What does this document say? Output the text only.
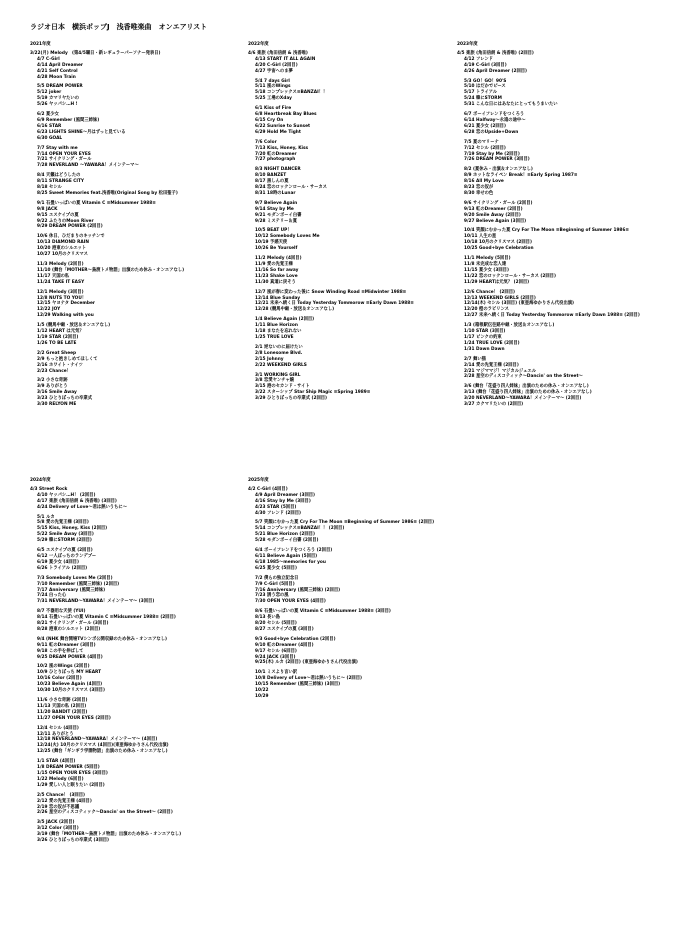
ラジオ日本　横浜ポップJ　浅香唯楽曲　オンエアリスト
2021年度
3/22(月) Melody　(第4/5曜日・新レギュラーパーソナー発表日)
4/7 C-Girl
4/14 April Dreamer
4/21 Self Control
4/28 Moon Train
5/5 DREAM POWER
5/12 joker
5/19 カマリヤたいの
5/26 ヤッパシ…H !
6/2 夏少女
6/9 Remember (風間三姉妹)
6/16 STAR
6/23 LIGHTS SHINE～月はずっと見ている
6/30 GOAL
7/7 Stay with me
7/14 OPEN YOUR EYES
7/21 サイクリング・ガール
7/28 NEVERLAND ～YAWARA！メインテーマ～
8/4 天籟はどうしたの
8/11 STRANGE CITY
8/18 セシル
8/25 Sweet Memories feat.浅香唯(Original Song by 松田聖子)
9/1 石畳いっぱいの夏 Vitamin C ≡Midsummer 1988≡
9/8 JACK
9/15 エスケイプの夏
9/22 ふたりのMoon River
9/29 DREAM POWER (2回目)
10/6 休日、ひだまりのキッチンで
10/13 DIAMOND RAIN
10/20 港東のシルエット
10/27 10月のクリスマス
11/3 Melody (2回目)
11/10 (舞台「MOTHER～鳥渡トメ物語」出演のため休み・オンエアなし)
11/17 天国の私
11/24 TAKE IT EASY
12/1 Melody (3回目)
12/8 NUTS TO YOU！
12/15 ヤヨナタ December
12/22 JOY
12/29 Walking with you
1/5 (競馬中継・放送＆オンエアなし)
1/12 HEART は元気？
1/19 STAR (2回目)
1/26 TO BE LATE
2/2 Great Sheep
2/9 もっと抱きしめてほしくて
2/16 ホワイト・ナイツ
2/23 Chance！
3/2 小さな奇跡
3/9 ありがとう
3/16 Smile Away
3/23 ひとりぼっちの卒業式
3/30 RELYON ME
2022年度
4/6 楽旅 (角田信朗 & 浅香唯)
4/13 START IT ALL AGAIN
4/20 C-Girl (2回目)
4/27 宇宙へのま夢
5/4 7 days Girl
5/11 風のWings
5/18 コンプレックス≡BANZAI！！
5/25 工場のXday
6/1 Kiss of Fire
6/8 Heartbreak Bay Blues
6/15 Cry On
6/22 Sunrise to Sunset
6/29 Hold Me Tight
7/6 Color
7/13 Kiss, Honey, Kiss
7/20 虹のDreamer
7/27 photograph
8/3 NIGHT DANCER
8/10 BANZET
8/17 黒しんの夏
8/24 恋のロックンロール・サーカス
8/31 18時のLunar
9/7 Believe Again
9/14 Stay by Me
9/21 モダンボーイ白書
9/28 ミステリー＆夏
10/5 BEAT UP！
10/12 Somebody Loves Me
10/19 予感天使
10/26 Be Yourself
11/2 Melody (4回目)
11/9 愛の先覚王様
11/16 So far away
11/23 Shake Love
11/30 真道に戻そう
12/7 風が春に変わった後に Snow Winding Road ≡Midwinter 1988≡
12/14 Blue Sunday
12/21 未来へ続く日 Today Yesterday Tommorow ≡Early Dawn 1988≡
12/28 (競馬中継・放送＆オンエアなし)
1/4 Believe Again (2回目)
1/11 Blue Horizon
1/18 まなたを忘れない
1/25 TRUE LOVE
2/1 逆ないのに届けたい
2/8 Lonesome Blvd.
2/15 Johnny
2/22 WEEKEND GIRLS
3/1 WORKING GIRL
3/8 恋愛ヤンチャ嬢
3/15 港のセカンド・サイト
3/22 スターシップ Star Ship Magic ≡Spring 1989≡
3/29 ひとりぼっちの卒業式 (2回目)
2023年度
4/5 楽旅 (角田信朗 & 浅香唯) (2回目)
4/12 フレンド
4/19 C-Girl (3回目)
4/26 April Dreamer (2回目)
5/3 GO！GO！90'S
5/10 はだかでピース
5/17 トライアル
5/24 韓にSTORM
5/31 こんな日にはあなたにとってもうまいたい
6/7 ボーイフレンドをつくろう
6/14 Halfway～永遠の途中～
6/21 夏少女 (2回目)
6/28 恋のUpside+Down
7/5 夏のマリーナ
7/12 セシル (2回目)
7/19 Stay by Me (2回目)
7/26 DREAM POWER (3回目)
8/2 (夏休み・出演＆オンエアなし)
8/9 ホットなライペン Break！≡Early Spring 1987≡
8/16 All My Love
8/23 恋の奴が
8/30 幸せの色
9/6 サイクリング・ガール (2回目)
9/13 虹のDreamer (2回目)
9/20 Smile Away (2回目)
9/27 Believe Again (3回目)
10/4 笑顔にむかった夏 Cry For The Moon ≡Beginning of Summer 1986≡
10/11 人生の星
10/18 10月のクリスマス (2回目)
10/25 Good+bye Celebration
11/1 Melody (5回目)
11/8 未完成な恋人達
11/15 夏少女 (3回目)
11/22 恋のロックンロール・サーカス (2回目)
11/29 HEARTは元気？ (2回目)
12/6 Chance！ (2回目)
12/13 WEEKEND GIRLS (2回目)
12/14(木) セシル (3回目) (東亜海ゆかりさん代役出演)
12/20 橙のラビリンス
12/27 未来へ続く日 Today Yesterday Tommorow ≡Early Dawn 1988≡ (2回目)
1/3 (箱根駅伝往路中継・放送＆オンエアなし)
1/10 STAR (3回目)
1/17 ピンクの約束
1/24 TRUE LOVE (2回目)
1/31 Dawn Dawn
2/7 舞い猫
2/14 愛の先覚王様 (2回目)
2/21 マジママジ！マジカルジュエル
2/28 星空のディスコティック～Dancin' on the Street～
3/6 (舞台「花盛り四人姉妹」出演のための休み・オンエアなし)
3/13 (舞台「花盛り四人姉妹」出演のための休み・オンエアなし)
3/20 NEVERLAND～YAWARA！メインテーマ～ (2回目)
3/27 カクマリたいの (2回目)
2024年度
4/3 Street Rock
4/10 ヤッパシ…H！ (2回目)
4/17 楽旅 (角田信朗 & 浅香唯) (3回目)
4/24 Delivery of Love～君は熱いうちに～
5/1 ルカ
5/8 愛の先覚王様 (3回目)
5/15 Kiss, Honey, Kiss (2回目)
5/22 Smile Away (3回目)
5/29 韓にSTORM (2回目)
6/5 エスケイプの夏 (2回目)
6/12 一人ぼっちのランデブー
6/19 夏少女 (4回目)
6/26 トライアル (2回目)
7/3 Somebody Loves Me (2回目)
7/10 Remember (風間三姉妹) (2回目)
7/17 Anniversary (風間三姉妹)
7/24 白った心
7/31 NEVERLAND～YAWARA！メインテーマ～ (3回目)
8/7 不器用な天使 (YUI)
8/14 石畳いっぱいの夏 Vitamin C ≡Midsummer 1988≡ (2回目)
8/21 サイクリング・ガール (3回目)
8/28 港東のシルエット (2回目)
9/4 (NHK 舞台開場TVシンポ公開収録のため休み・オンエアなし)
9/11 虹のDreamer (3回目)
9/18 この手を伸ばして
9/25 DREAM POWER (4回目)
10/2 風のWings (2回目)
10/9 ひとりぼっち MY HEART
10/16 Color (2回目)
10/23 Believe Again (4回目)
10/30 10月のクリスマス (3回目)
11/6 小さな奇跡 (2回目)
11/13 天国の私 (2回目)
11/20 BANDIT (2回目)
11/27 OPEN YOUR EYES (2回目)
12/4 セシル (4回目)
12/11 ありがとう
12/18 NEVERLAND～YAWARA！メインテーマ～ (4回目)
12/24(火) 10月のクリスマス (4回目)(東亜海ゆかりさん代役出演)
12/25 (舞台「ギンギラ学園物語」出演のため休み・オンエアなし)
1/1 STAR (4回目)
1/8 DREAM POWER (5回目)
1/15 OPEN YOUR EYES (3回目)
1/22 Melody (6回目)
1/29 愛しい人と眠りたい (2回目)
2/5 Chance！ (3回目)
2/12 愛の先覚王様 (4回目)
2/19 恋の奴が不思議
2/26 星空のディスコティック～Dancin' on the Street～ (2回目)
3/5 JACK (2回目)
3/12 Color (3回目)
3/19 (舞台「MOTHER～鳥渡トメ物語」出演のため休み・オンエアなし)
3/26 ひとりぼっちの卒業式 (3回目)
2025年度
4/2 C-Girl (4回目)
4/9 April Dreamer (3回目)
4/16 Stay by Me (3回目)
4/23 STAR (5回目)
4/30 フレンド (2回目)
5/7 笑顔にむかった夏 Cry For The Moon ≡Beginning of Summer 1986≡ (2回目)
5/14 コンプレックス≡BANZAI！！ (2回目)
5/21 Blue Horizon (2回目)
5/28 モダンボーイ白書 (2回目)
6/4 ボーイフレンドをつくろう (2回目)
6/11 Believe Again (5回目)
6/18 1985～memories for you
6/25 夏少女 (5回目)
7/2 僕らの独立記念日
7/9 C-Girl (5回目)
7/16 Anniversary (風間三姉妹) (2回目)
7/23 誘う恋の風
7/30 OPEN YOUR EYES (4回目)
8/6 石畳いっぱいの夏 Vitamin C ≡Midsummer 1988≡ (3回目)
8/13 長い島
8/20 セシル (5回目)
8/27 エスケイプの夏 (3回目)
9/3 Good+bye Celebration (2回目)
9/10 虹のDreamer (4回目)
9/17 セシル (6回目)
9/24 JACK (3回目)
9/25(木) ルカ (2回目) (東亜海ゆかりさん代役出演)
10/1 ミスより言い訳
10/8 Delivery of Love～君は熱いうちに～ (2回目)
10/15 Remember (風間三姉妹) (3回目)
10/22
10/29
